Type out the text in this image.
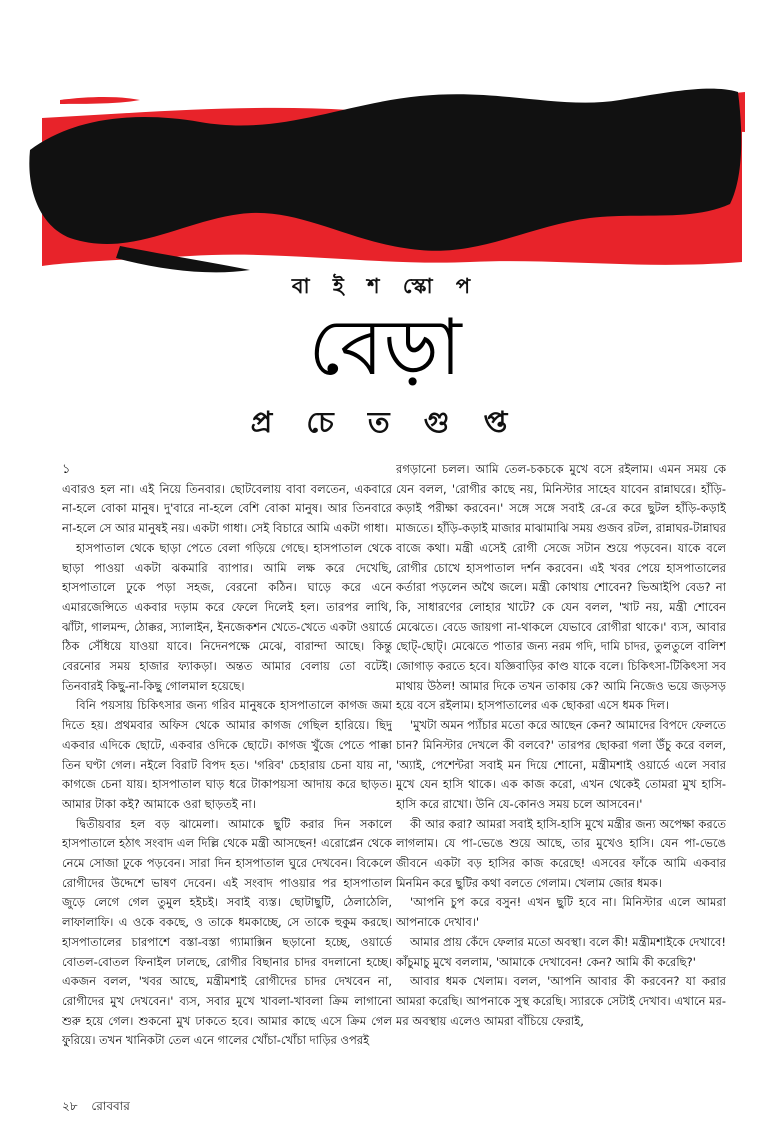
বা ই শ স্কো প
বেড়া
প্র চে ত গু প্ত
১

এবারও হল না। এই নিয়ে তিনবার। ছোটবেলায় বাবা বলতেন, একবারে না-হলে বোকা মানুষ। দু'বারে না-হলে বেশি বোকা মানুষ। আর তিনবারে না-হলে সে আর মানুষই নয়। একটা গাধা। সেই বিচারে আমি একটা গাধা।

হাসপাতাল থেকে ছাড়া পেতে বেলা গড়িয়ে গেছে। হাসপাতাল থেকে ছাড়া পাওয়া একটা ঝকমারি ব্যাপার। আমি লক্ষ করে দেখেছি, হাসপাতালে ঢুকে পড়া সহজ, বেরনো কঠিন। ঘাড়ে করে এনে এমারজেন্সিতে একবার দড়াম করে ফেলে দিলেই হল। তারপর লাথি, ঝাঁটা, গালমন্দ, ঠোক্কর, স্যালাইন, ইনজেকশন খেতে-খেতে একটা ওয়ার্ডে ঠিক সেঁধিয়ে যাওয়া যাবে। নিদেনপক্ষে মেঝে, বারান্দা আছে। কিন্তু বেরনোর সময় হাজার ফ্যাকড়া। অন্তত আমার বেলায় তো বটেই। তিনবারই কিছু-না-কিছু গোলমাল হয়েছে।

বিনি পয়সায় চিকিৎসার জন্য গরিব মানুষকে হাসপাতালে কাগজ জমা দিতে হয়। প্রথমবার অফিস থেকে আমার কাগজ গেছিল হারিয়ে। ছিদু একবার এদিকে ছোটে, একবার ওদিকে ছোটে। কাগজ খুঁজে পেতে পাক্কা তিন ঘণ্টা গেল। নইলে বিরাট বিপদ হত। 'গরিব' চেহারায় চেনা যায় না, কাগজে চেনা যায়। হাসপাতাল ঘাড় ধরে টাকাপয়সা আদায় করে ছাড়ত। আমার টাকা কই? আমাকে ওরা ছাড়তই না।

দ্বিতীয়বার হল বড় ঝামেলা। আমাকে ছুটি করার দিন সকালে হাসপাতালে হঠাৎ সংবাদ এল দিল্লি থেকে মন্ত্রী আসছেন! এরোপ্লেন থেকে নেমে সোজা ঢুকে পড়বেন। সারা দিন হাসপাতাল ঘুরে দেখবেন। বিকেলে রোগীদের উদ্দেশে ভাষণ দেবেন। এই সংবাদ পাওয়ার পর হাসপাতাল জুড়ে লেগে গেল তুমুল হইচই। সবাই ব্যস্ত। ছোটাছুটি, ঠেলাঠেলি, লাফালাফি। এ ওকে বকছে, ও তাকে ধমকাচ্ছে, সে তাকে হুকুম করছে। হাসপাতালের চারপাশে বস্তা-বস্তা গ্যামাক্সিন ছড়ানো হচ্ছে, ওয়ার্ডে বোতল-বোতল ফিনাইল ঢালছে, রোগীর বিছানার চাদর বদলানো হচ্ছে। একজন বলল, 'খবর আছে, মন্ত্রীমশাই রোগীদের চাদর দেখবেন না, রোগীদের মুখ দেখবেন।' ব্যস, সবার মুখে খাবলা-খাবলা ক্রিম লাগানো শুরু হয়ে গেল। শুকনো মুখ ঢাকতে হবে। আমার কাছে এসে ক্রিম গেল ফুরিয়ে। তখন খানিকটা তেল এনে গালের খোঁচা-খোঁচা দাড়ির ওপরই

রগড়ানো চলল। আমি তেল-চকচকে মুখে বসে রইলাম। এমন সময় কে যেন বলল, 'রোগীর কাছে নয়, মিনিস্টার সাহেব যাবেন রান্নাঘরে। হাঁড়ি-কড়াই পরীক্ষা করবেন।' সঙ্গে সঙ্গে সবাই রে-রে করে ছুটল হাঁড়ি-কড়াই মাজতে। হাঁড়ি-কড়াই মাজার মাঝামাঝি সময় গুজব রটল, রান্নাঘর-টান্নাঘর বাজে কথা। মন্ত্রী এসেই রোগী সেজে সটান শুয়ে পড়বেন। যাকে বলে রোগীর চোখে হাসপাতাল দর্শন করবেন। এই খবর পেয়ে হাসপাতালের কর্তারা পড়লেন অথৈ জলে। মন্ত্রী কোথায় শোবেন? ভিআইপি বেড? না কি, সাধারণের লোহার খাটে? কে যেন বলল, 'খাট নয়, মন্ত্রী শোবেন মেঝেতে। বেডে জায়গা না-থাকলে যেভাবে রোগীরা থাকে।' ব্যস, আবার ছোট্-ছোট্। মেঝেতে পাতার জন্য নরম গদি, দামি চাদর, তুলতুলে বালিশ জোগাড় করতে হবে। যজ্ঞিবাড়ির কাণ্ড যাকে বলে। চিকিৎসা-টিকিৎসা সব মাথায় উঠল! আমার দিকে তখন তাকায় কে? আমি নিজেও ভয়ে জড়সড় হয়ে বসে রইলাম। হাসপাতালের এক ছোকরা এসে ধমক দিল।

'মুখটা অমন প্যাঁচার মতো করে আছেন কেন? আমাদের বিপদে ফেলতে চান? মিনিস্টার দেখলে কী বলবে?' তারপর ছোকরা গলা উঁচু করে বলল, 'অ্যাই, পেশেন্টরা সবাই মন দিয়ে শোনো, মন্ত্রীমশাই ওয়ার্ডে এলে সবার মুখে যেন হাসি থাকে। এক কাজ করো, এখন থেকেই তোমরা মুখ হাসি-হাসি করে রাখো। উনি যে-কোনও সময় চলে আসবেন।'

কী আর করা? আমরা সবাই হাসি-হাসি মুখে মন্ত্রীর জন্য অপেক্ষা করতে লাগলাম। যে পা-ভেঙে শুয়ে আছে, তার মুখেও হাসি। যেন পা-ভেঙে জীবনে একটা বড় হাসির কাজ করেছে! এসবের ফাঁকে আমি একবার মিনমিন করে ছুটির কথা বলতে গেলাম। খেলাম জোর ধমক।

'আপনি চুপ করে বসুন! এখন ছুটি হবে না। মিনিস্টার এলে আমরা আপনাকে দেখাব।'

আমার প্রায় কেঁদে ফেলার মতো অবস্থা। বলে কী! মন্ত্রীমশাইকে দেখাবে! কাঁচুমাচু মুখে বললাম, 'আমাকে দেখাবেন! কেন? আমি কী করেছি?'

আবার ধমক খেলাম। বলল, 'আপনি আবার কী করবেন? যা করার আমরা করেছি। আপনাকে সুস্থ করেছি। স্যারকে সেটাই দেখাব। এখানে মর-মর অবস্থায় এলেও আমরা বাঁচিয়ে ফেরাই,

২৮ রোববার
